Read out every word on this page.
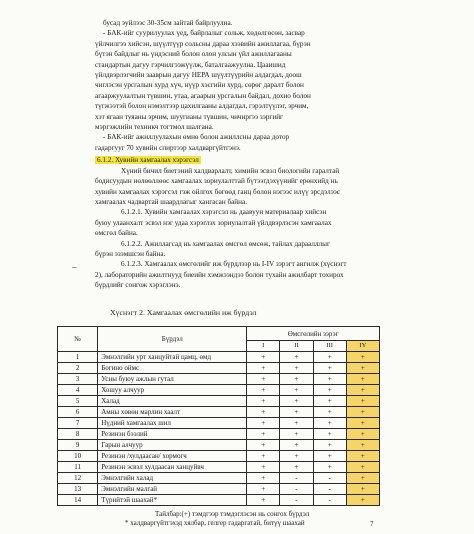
бусад эуйлээс 30-35см зайтай байрлуулна.
- БАК-ийг суурилуулах үед, байрлалыг сольж, хөдөлгөсөн, засвар
үйлчилгээ хийсэн, шүүлтүүр сольсны дараа хээвийн ажиллагаа, бүрэн
бүтэн байдлыг нь үндэсний болон олон улсын үйл ажиллагааны
стандартын дагуу гэрчилгээжүүлж, баталгаажуулна. Цааишид
үйлдвэрлэгчийн зааврын дагуу НЕРА шүүлтүүрийн алдагдал, доош
чиглэсэн урсгалын хурд хүч, нүүр хэсгийн хурд, сөрөг даралт болон
агааржуулалтын түвшин, утаа, агаарын урсгалын байдал, дохио болон
түгжээтэй болон нэмэлтээр цахилгааны алдагдал, гэрэлтүүлэг, эрчим,
хэт ягаан туяаны эрчим, шуугианы түвшин, чичиргээ зэргийг
мэргэжлийн техникч тогтмол шалгана.
- БАК-ийг ажиллуулахын өмнө болон ажиллсны дараа дотор
гадаргууг 70 хувийн спиртээр халдваргүйтгэнэ.
6.1.2. Хувийн хамгаалах хэрэгсэл
Хүний бичил биетэний халдварлалт, химийн эсвэл биологийн гаралтай
бодисуудын нөлөөллөөс хамгаалах зориулалттай бүтээгдэхүүнийг ерөнхийд нь
хувийн хамгаалах хэрэгсэл гэж ойлгох бөгөөд ганц болон нэгээс илүү эрсдэлээс
хамгаалах чадвартай шаардлагыг хангасан байна.
6.1.2.1. Хувийн хамгаалах хэрэгсэл нь даавуун материалаар хийсэн
буюу улаанхалт эсвэл нэг удаа хэрэглэх зориулалтай үйлдвэрлэсэн хамгаалах
өмсгөл байна.
6.1.2.2. Ажиллагсад нь хамгаалах өмсгөл өмсөж, тайлах дараалллыг
бүрэн эзэмшсэн байна.
6.1.2.3. Хамгаалах өмсгөлийг иж бүрдлээр нь I-IV зэрэгт ангилж (хүснэгт
2), лабораторийн ажилтнууд биеийн хэмжээндээ болон тухайн ажилбарт тохирох
бүрдлийг сонгож хэрэглэнэ.
–
Хүснэгт 2. Хамгаалах өмсгөлийн иж бүрдэл
№	Бүрдэл	Өмсгөлийн зэрэг			
		I	II	III	IY
1	Эмнэлгийн урт ханцуйтай цамц, өмд	+	+	+	+
2	Богино оймс	+	+	+	+
3	Усны буюу ажлын гутал	+	+	+	+
4	Хошуу алчуур	+	+	+	+
5	Халад	+	+	+	+
6	Амны хөвөн марлин хаалт	+	+	+	+
7	Нүдний хамгаалах шил	+	+	+	+
8	Резинэн бээлий	+	+	+	+
9	Гарын алчуур	+	+	+	+
10	Резинэн /хулдаасан/ хормогч	+	+	+	+
11	Резинэн эсвэл хулдаасан ханцуйвч	+	+	+	+
12	Эмнэлгийн халад	+	-	-	+
13	Эмнэлгийн малгай	+	-	-	+
14	Түрийтэй шаахай*	+	-	-	+
Тайлбар:(+) тэмдгээр тэмдэглэсэн нь сонгох бүрдэл
* халдваргүйтгэхэд хялбар, гелгер гадаргатай, битүү шаахай	7
